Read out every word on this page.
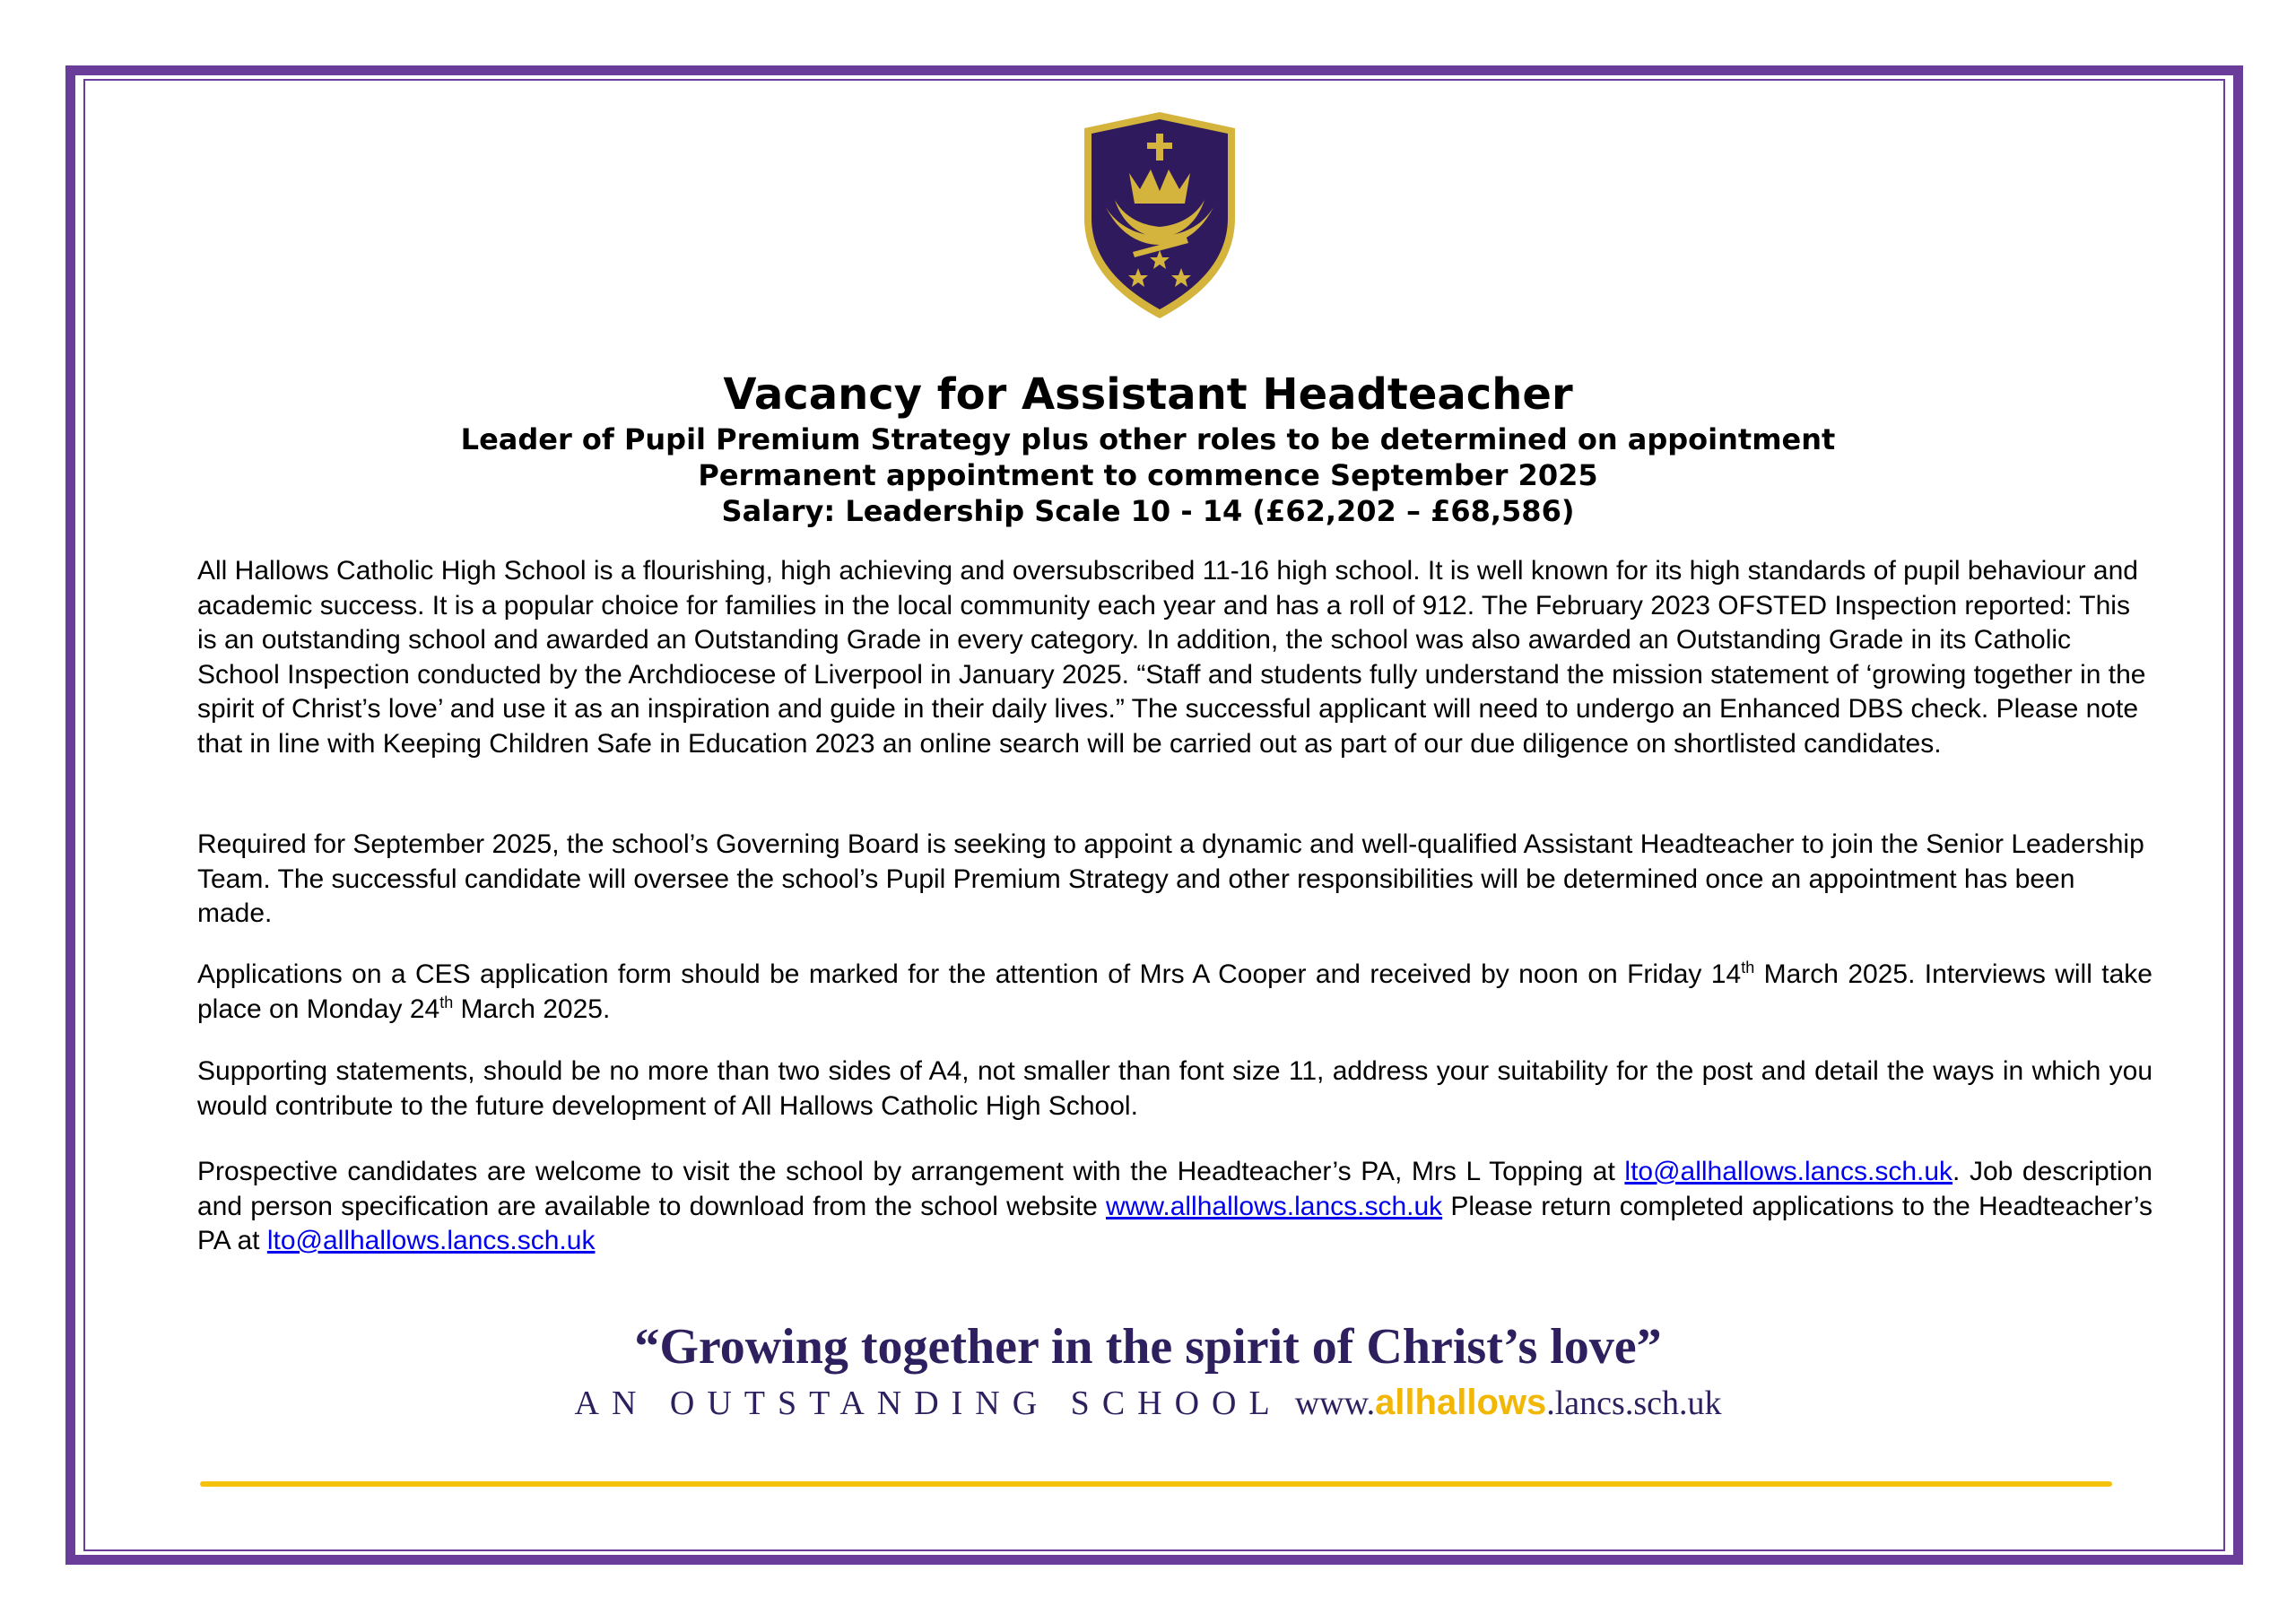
Vacancy for Assistant Headteacher
Leader of Pupil Premium Strategy plus other roles to be determined on appointment
Permanent appointment to commence September 2025
Salary: Leadership Scale 10 - 14 (£62,202 – £68,586)
All Hallows Catholic High School is a flourishing, high achieving and oversubscribed 11-16 high school. It is well known for its high standards of pupil behaviour and academic success. It is a popular choice for families in the local community each year and has a roll of 912. The February 2023 OFSTED Inspection reported: This is an outstanding school and awarded an Outstanding Grade in every category. In addition, the school was also awarded an Outstanding Grade in its Catholic School Inspection conducted by the Archdiocese of Liverpool in January 2025. “Staff and students fully understand the mission statement of ‘growing together in the spirit of Christ’s love’ and use it as an inspiration and guide in their daily lives.” The successful applicant will need to undergo an Enhanced DBS check. Please note that in line with Keeping Children Safe in Education 2023 an online search will be carried out as part of our due diligence on shortlisted candidates.
Required for September 2025, the school’s Governing Board is seeking to appoint a dynamic and well-qualified Assistant Headteacher to join the Senior Leadership Team. The successful candidate will oversee the school’s Pupil Premium Strategy and other responsibilities will be determined once an appointment has been made.
Applications on a CES application form should be marked for the attention of Mrs A Cooper and received by noon on Friday 14th March 2025. Interviews will take place on Monday 24th March 2025.
Supporting statements, should be no more than two sides of A4, not smaller than font size 11, address your suitability for the post and detail the ways in which you would contribute to the future development of All Hallows Catholic High School.
Prospective candidates are welcome to visit the school by arrangement with the Headteacher’s PA, Mrs L Topping at lto@allhallows.lancs.sch.uk. Job description and person specification are available to download from the school website www.allhallows.lancs.sch.uk Please return completed applications to the Headteacher’s PA at lto@allhallows.lancs.sch.uk
“Growing together in the spirit of Christ’s love”
AN OUTSTANDING SCHOOL www.allhallows.lancs.sch.uk
